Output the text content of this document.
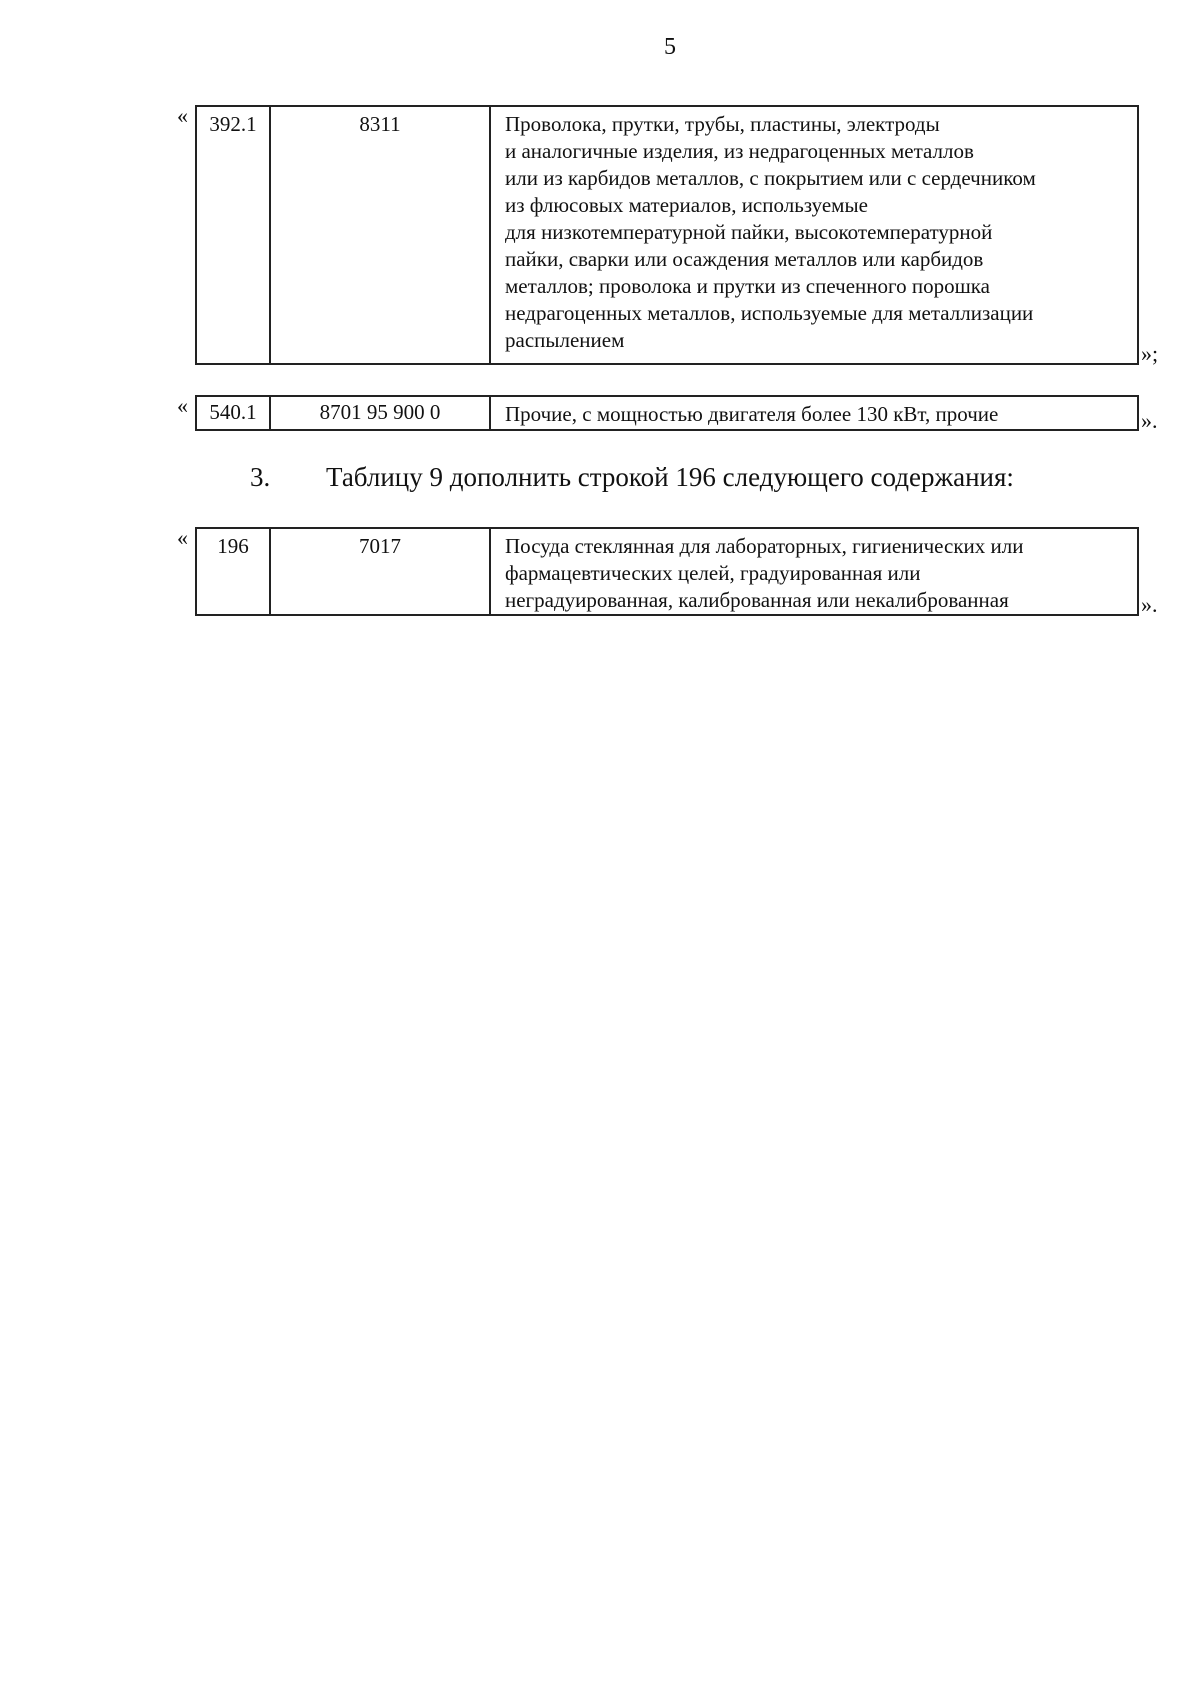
5
« 392.1	8311	Проволока, прутки, трубы, пластины, электроды
и аналогичные изделия, из недрагоценных металлов
или из карбидов металлов, с покрытием или с сердечником
из флюсовых материалов, используемые
для низкотемпературной пайки, высокотемпературной
пайки, сварки или осаждения металлов или карбидов
металлов; проволока и прутки из спеченного порошка
недрагоценных металлов, используемые для металлизации
распылением
»;
« 540.1	8701 95 900 0	Прочие, с мощностью двигателя более 130 кВт, прочие	».
3. Таблицу 9 дополнить строкой 196 следующего содержания:
« 196	7017	Посуда стеклянная для лабораторных, гигиенических или
фармацевтических целей, градуированная или
неградуированная, калиброванная или некалиброванная	».
